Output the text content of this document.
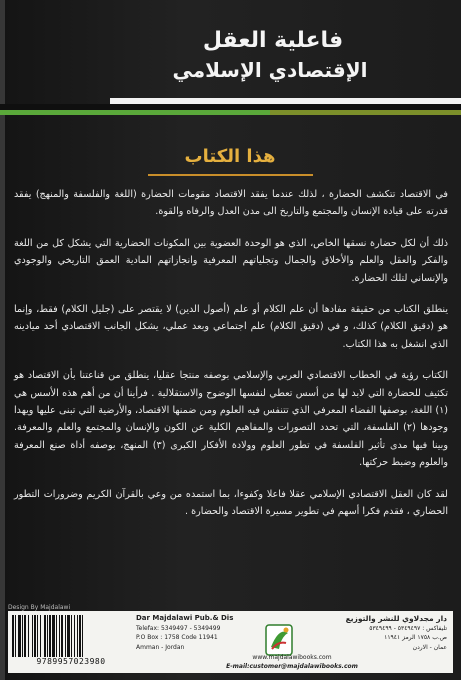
فاعلية العقل
الإقتصادي الإسلامي
هذا الكتاب

في الاقتصاد تتكشف الحضارة ، لذلك عندما يفقد الاقتصاد مقومات الحضارة (اللغة والفلسفة والمنهج) يفقد قدرته على قيادة الإنسان والمجتمع والتاريخ الى مدن العدل والرفاه والقوة.

ذلك أن لكل حضارة نسقها الخاص، الذي هو الوحدة العضوية بين المكونات الحضارية التي يشكل كل من اللغة والفكر والعقل والعلم والأخلاق والجمال وتجلياتهم المعرفية وانجازاتهم المادية العمق التاريخي والوجودي والإنساني لتلك الحضارة.

ينطلق الكتاب من حقيقة مفادها أن علم الكلام أو علم (أصول الدين) لا يقتصر على (جليل الكلام) فقط، وإنما هو (دقيق الكلام) كذلك، و في (دقيق الكلام) علم اجتماعي وبعد عملي، يشكل الجانب الاقتصادي أحد ميادينه الذي انشغل به هذا الكتاب.

الكتاب رؤية في الخطاب الاقتصادي العربي والإسلامي بوصفه منتجا عقليا، ينطلق من قناعتنا بأن الاقتصاد هو تكثيف للحضارة التي لابد لها من أسس تعطي لنفسها الوضوح والاستقلالية . فرأينا أن من أهم هذه الأسس هي (١) اللغة، بوصفها الفضاء المعرفي الذي تتنفس فيه العلوم ومن ضمنها الاقتصاد، والأرضية التي تبنى عليها ويهدا وجودها (٢) الفلسفة، التي تحدد التصورات والمفاهيم الكلية عن الكون والإنسان والمجتمع والعلم والمعرفة. وبينا فيها مدى تأثير الفلسفة في تطور العلوم وولادة الأفكار الكبرى (٣) المنهج، بوصفه أداة صنع المعرفة والعلوم وضبط حركتها.

لقد كان العقل الاقتصادي الإسلامي عقلا فاعلا وكفوءا، بما استمده من وعي بالقرآن الكريم وضرورات التطور الحضاري ، فقدم فكرا أسهم في تطوير مسيرة الاقتصاد والحضارة .

Design By Majdalawi
9789957023980
Dar Majdalawi Pub.& Dis
Telefax: 5349497 - 5349499
P.O Box : 1758 Code 11941
Amman - Jordan
دار مجدلاوي للنشر والتوزيع
تليفاكس : ٥٣٤٩٤٩٧ - ٥٣٤٩٤٩٩
ص.ب ١٧٥٨ الرمز ١١٩٤١
عمان - الاردن
www.majdalawibooks.com
E-mail:customer@majdalawibooks.com
